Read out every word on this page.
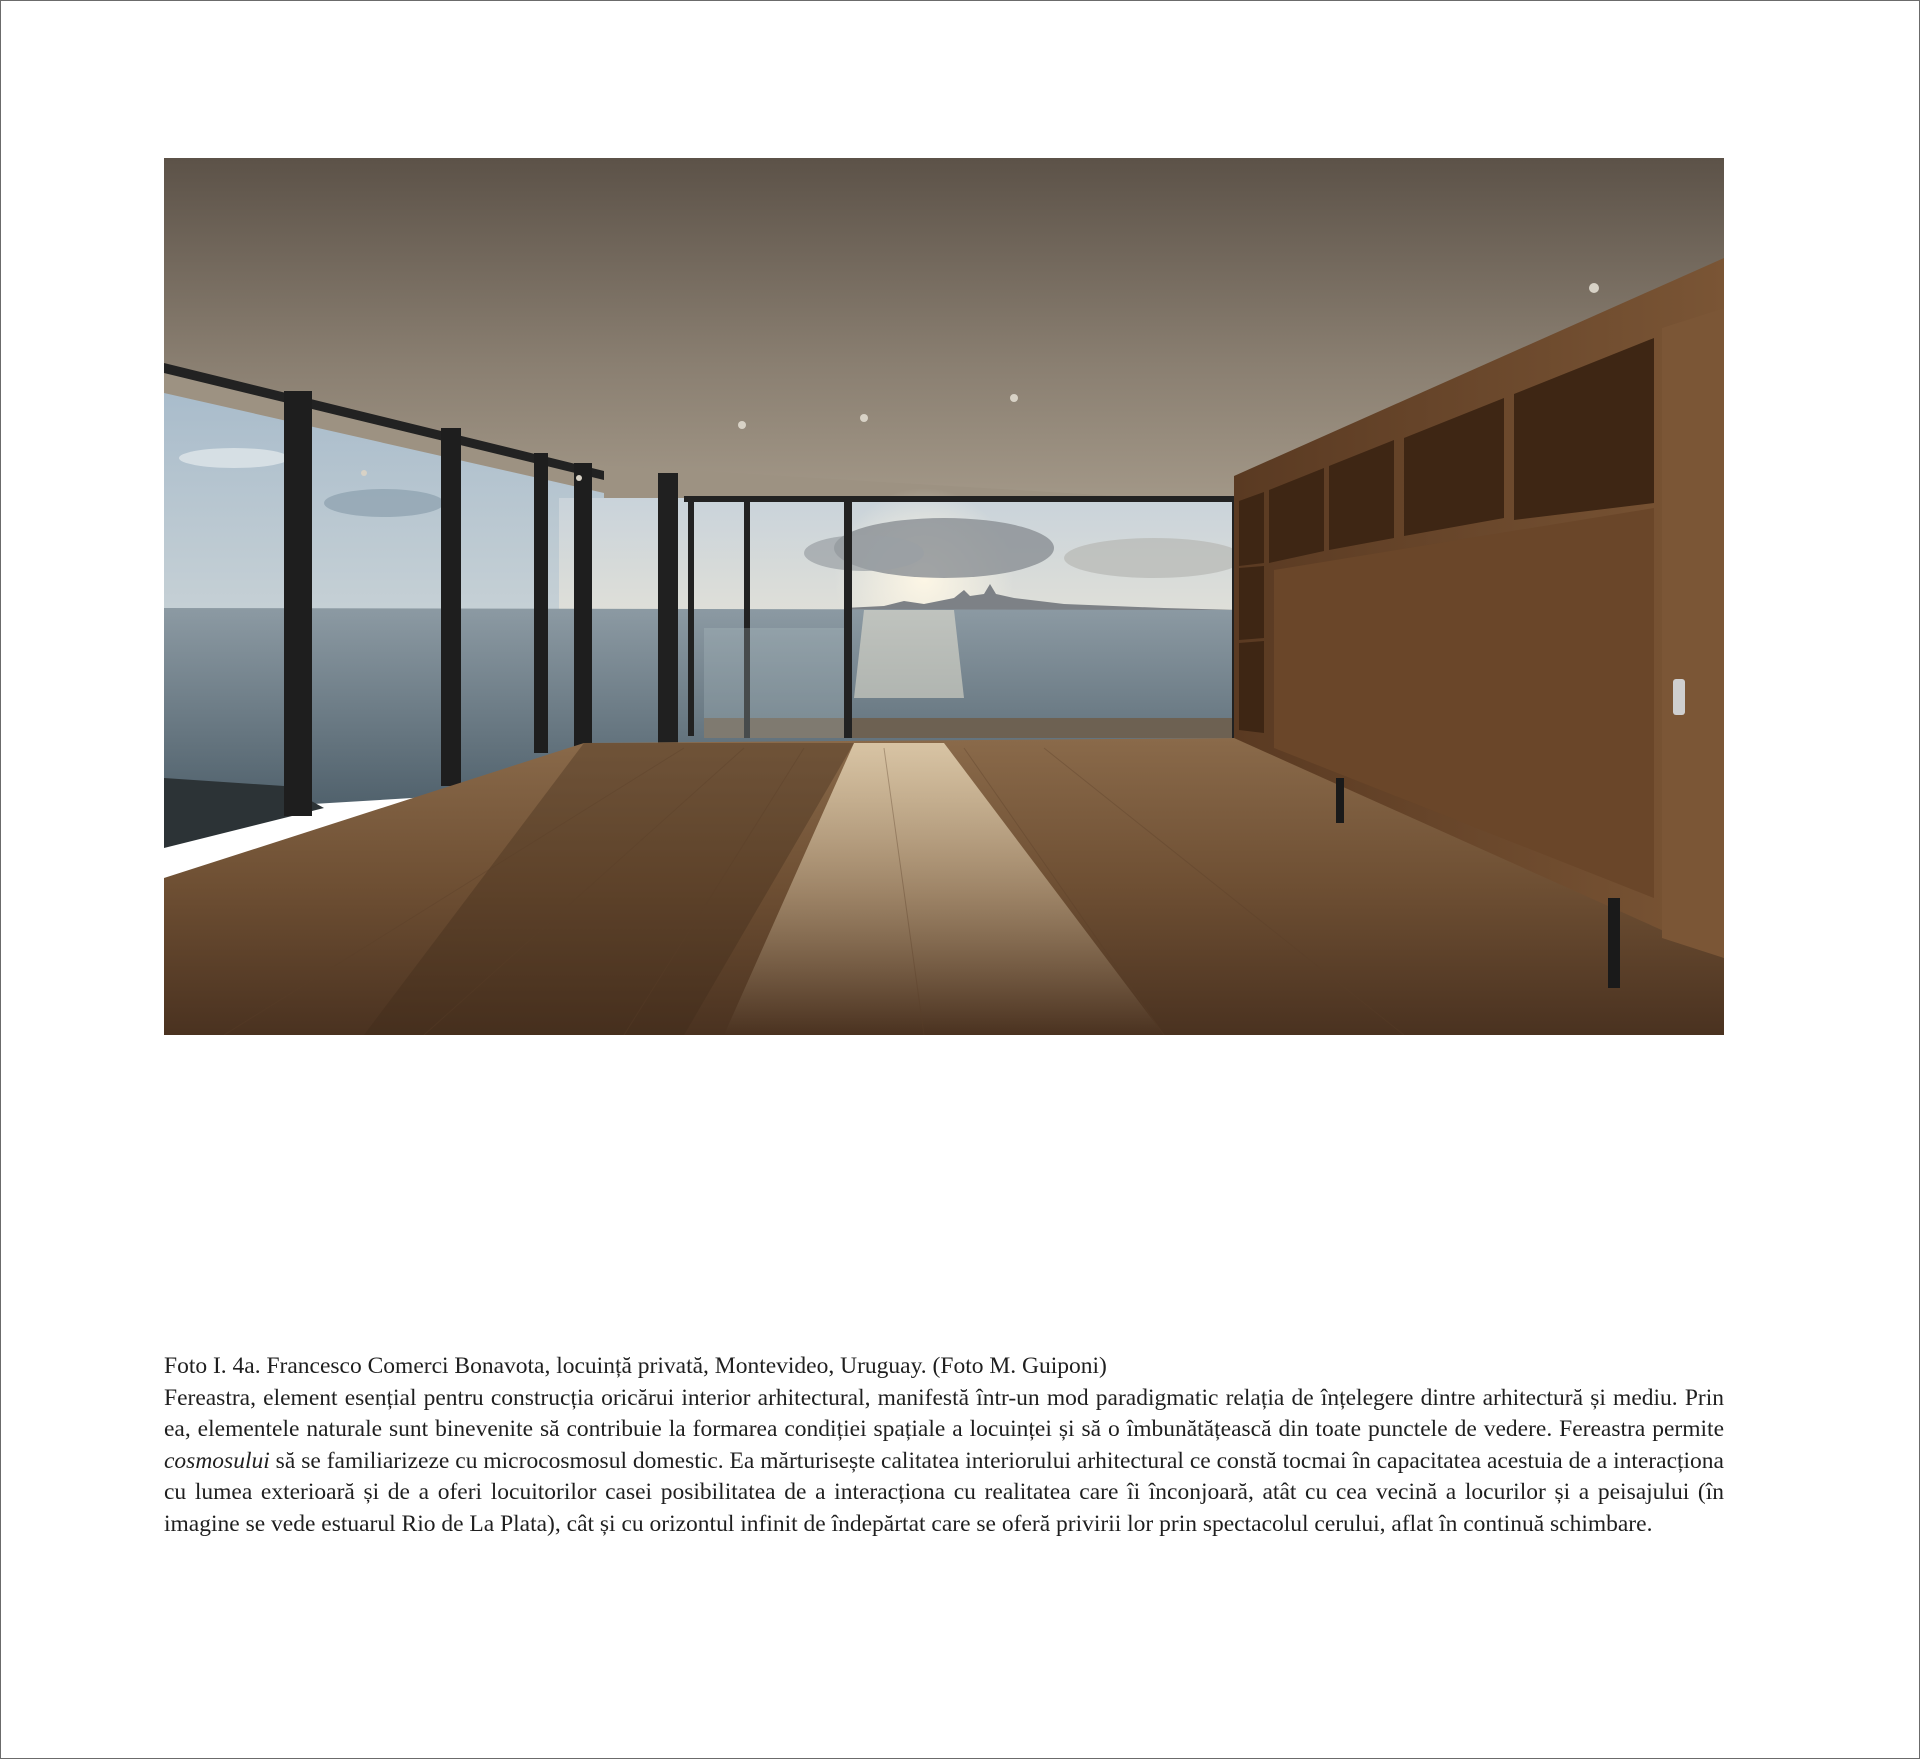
Foto I. 4a. Francesco Comerci Bonavota, locuință privată, Montevideo, Uruguay. (Foto M. Guiponi)

Fereastra, element esențial pentru construcția oricărui interior arhitectural, manifestă într-un mod paradigmatic relația de înțelegere dintre arhitectură și mediu. Prin ea, elementele naturale sunt binevenite să contribuie la formarea condiției spațiale a locuinței și să o îmbunătățească din toate punctele de vedere. Fereastra permite cosmosului să se familiarizeze cu microcosmosul domestic. Ea mărturisește calitatea interiorului arhitectural ce constă tocmai în capacitatea acestuia de a interacționa cu lumea exterioară și de a oferi locuitorilor casei posibilitatea de a interacționa cu realitatea care îi înconjoară, atât cu cea vecină a locurilor și a peisajului (în imagine se vede estuarul Rio de La Plata), cât și cu orizontul infinit de îndepărtat care se oferă privirii lor prin spectacolul cerului, aflat în continuă schimbare.
